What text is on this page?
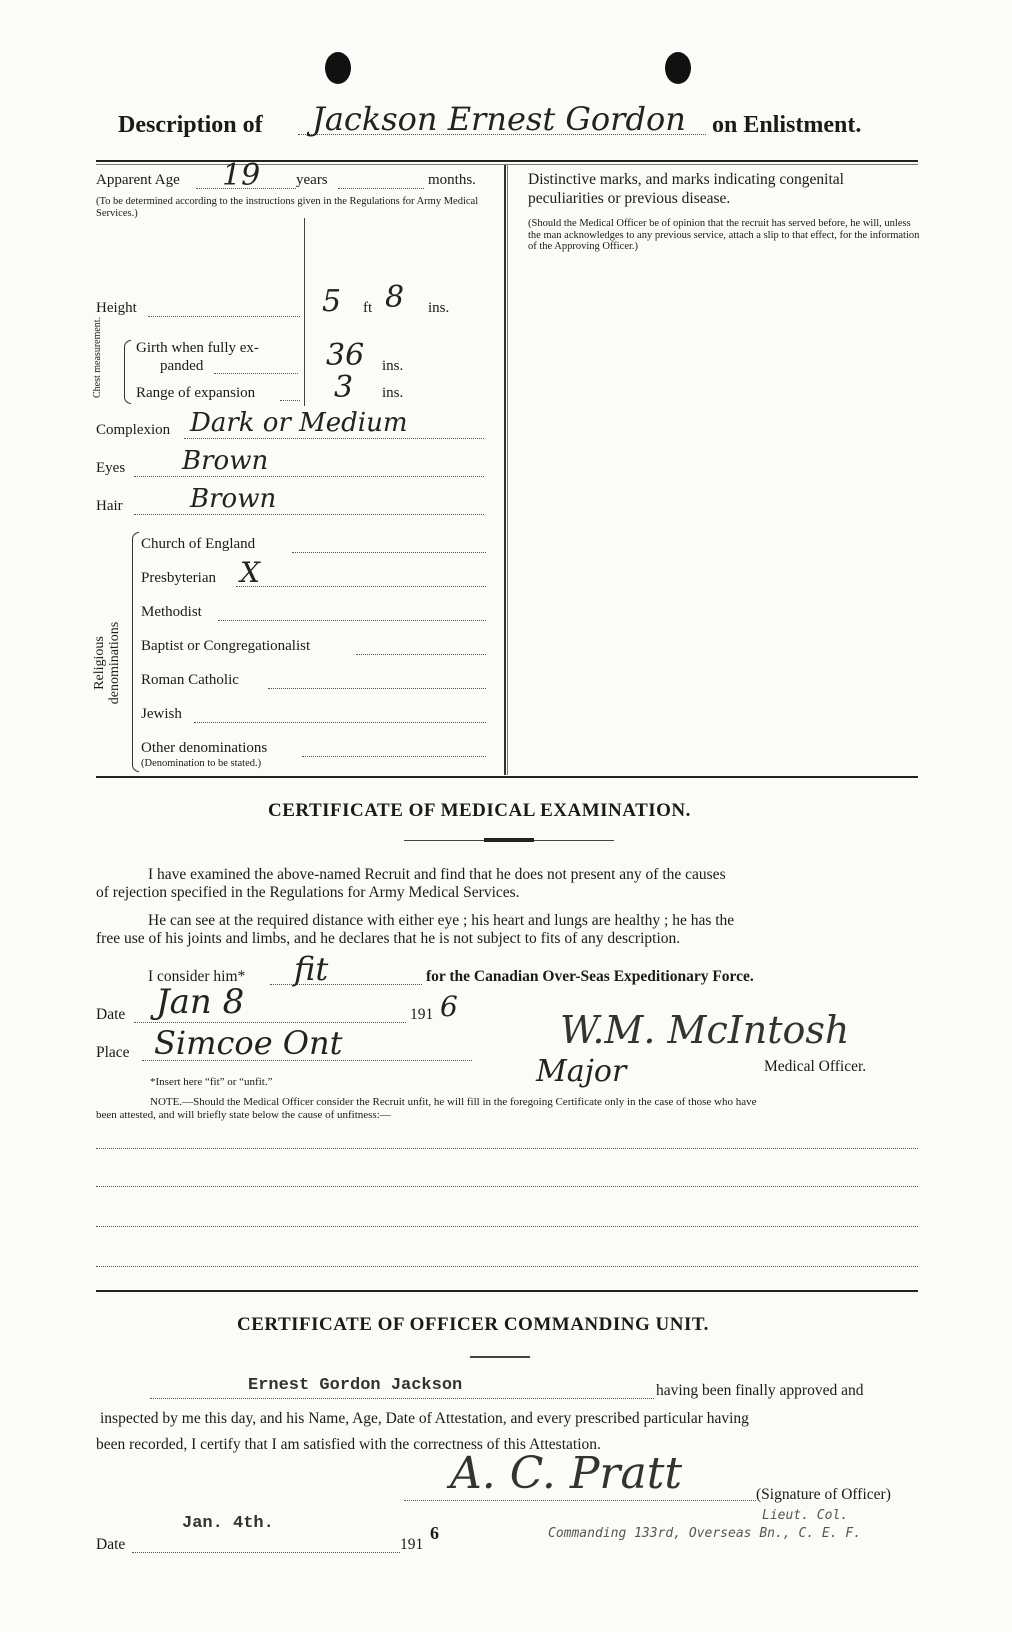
Description of Jackson Ernest Gordon on Enlistment.
Apparent Age 19 years	months.
(To be determined according to the instructions given in the Regulations for Army Medical Services.)
Height	5 ft 8 ins.
Chest measurement. Girth when fully ex-
panded	36 ins.
Range of expansion	3 ins.
Complexion Dark or Medium
Eyes Brown
Hair	Brown
Religious denominations
Church of England
Presbyterian X
Methodist
Baptist or Congregationalist
Roman Catholic
Jewish
Other denominations
(Denomination to be stated.)
Distinctive marks, and marks indicating congenital peculiarities or previous disease.
(Should the Medical Officer be of opinion that the recruit has served before, he will, unless the man acknowledges to any previous service, attach a slip to that effect, for the information of the Approving Officer.)
CERTIFICATE OF MEDICAL EXAMINATION.
I have examined the above-named Recruit and find that he does not present any of the causes
of rejection specified in the Regulations for Army Medical Services.
He can see at the required distance with either eye ; his heart and lungs are healthy ; he has the
free use of his joints and limbs, and he declares that he is not subject to fits of any description.
I consider him* fit	for the Canadian Over-Seas Expeditionary Force.
Date Jan 8	191 6
Place Simcoe Ont
*Insert here “fit” or “unfit.”
W.M. McIntosh
Major	Medical Officer.
NOTE.—Should the Medical Officer consider the Recruit unfit, he will fill in the foregoing Certificate only in the case of those who have
been attested, and will briefly state below the cause of unfitness:—
CERTIFICATE OF OFFICER COMMANDING UNIT.
Ernest Gordon Jackson	having been finally approved and
inspected by me this day, and his Name, Age, Date of Attestation, and every prescribed particular having
been recorded, I certify that I am satisfied with the correctness of this Attestation.
A. C. Pratt	(Signature of Officer)
Date
Jan. 4th.
191
6
Lieut. Col.
Commanding 133rd, Overseas Bn., C. E. F.
